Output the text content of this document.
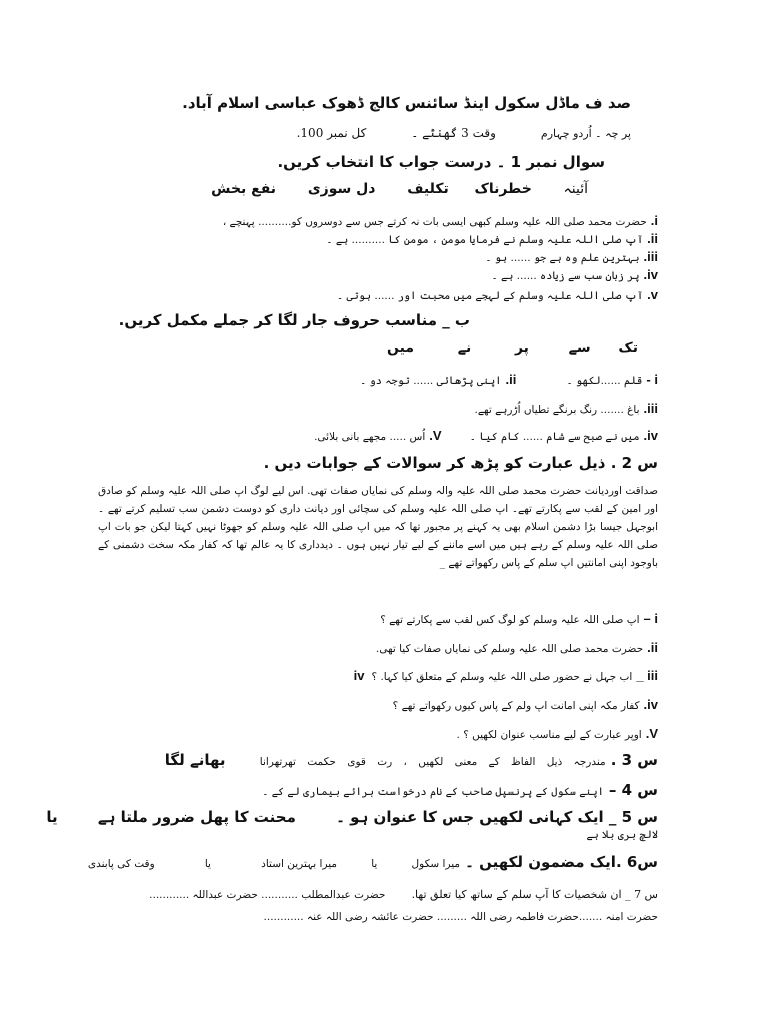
صد ف ماڈل سکول اینڈ سائنس کالج ڈھوک عباسی اسلام آباد.
پر چہ ۔ اُردو چہارم  وقت 3 گھنٹے ۔  کل نمبر 100.
سوال نمبر 1 ۔ درست جواب کا انتخاب کریں.
آئینہ  خطرناک  تکلیف  دل سوزی  نفع بخش
i.حضرت محمد صلی اللہ علیہ وسلم کبھی ایسی بات نہ کرتے جس سے دوسروں کو.......... پہنچے ،
ii.آپ صلی اللہ علیہ وسلم نے فرمایا مومن ، مومن کا .......... ہے ۔
iii.بہترین علم وہ ہے جو ...... ہو ۔
iv.پر زبان سب سے زیادہ ...... ہے ۔
v.آپ صلی اللہ علیہ وسلم کے لہجے میں محبت اور ...... ہوتی ۔
ب _ مناسب حروف جار لگا کر جملے مکمل کریں.
تک  سے  پر  نے  میں
i -قلم ......لکھو ۔  ii.اپنی پڑھائی ...... توجہ دو ۔
iii.باغ ....... رنگ برنگے تطیاں اُڑرہے تھے.
iv.میں نے صبح سے شام ...... کام کیا ۔  V.اُس ..... مجھے بانی بلائی.
س 2 . ذیل عبارت کو پڑھ کر سوالات کے جوابات دیں .
صداقت اوردیانت حضرت محمد صلی اللہ علیہ والہ وسلم کی نمایاں صفات تھی. اس لیے لوگ اپ صلی اللہ علیہ وسلم کو صادق اور امین کے لقب سے پکارتے تھے۔ اپ صلی اللہ علیہ وسلم کی سچائی اور دیانت داری کو دوست دشمن سب تسلیم کرتے تھے ۔ ابوجہل جیسا بڑا دشمن اسلام بھی یہ کہنے پر مجبور تھا کہ میں اپ صلی اللہ علیہ وسلم کو جھوٹا نہیں کہتا لیکن جو بات اپ صلی اللہ علیہ وسلم کے رہے ہیں میں اسے ماننے کے لیے تیار نہیں ہوں ۔ دیدداری کا یہ عالم تھا کہ کفار مکہ سخت دشمنی کے باوجود اپنی امانتیں اپ سلم کے پاس رکھواتے تھے _
i –اپ صلی اللہ علیہ وسلم کو لوگ کس لقب سے پکارتے تھے ؟
ii.حضرت محمد صلی اللہ علیہ وسلم کی نمایاں صفات کیا تھی.
iii _اب جہل نے حضور صلی اللہ علیہ وسلم کے متعلق کیا کہا. ؟ iv
iv.کفار مکہ اپنی امانت اپ ولم کے پاس کیوں رکھواتے تھے ؟
V.اوپر عبارت کے لیے مناسب عنوان لکھیں ؟ .
س 3 . مندرجہ ذیل الفاظ کے معنی لکھیں ، رت قوی حکمت تھرتھرانا  بھانے لگا
س 4 – اپنے سکول کے پرنسپل صاحب کے نام درخواست برائے بیماری لے کے ۔
س 5 _ ایک کہانی لکھیں جس کا عنوان ہو ۔  محنت کا پھل ضرور ملتا ہے  یا
لالچ بری بلا ہے
س6 .ایک مضمون لکھیں ۔ میرا سکول  یا  میرا بہترین استاد  یا  وقت کی پابندی
س 7 _ ان شخصیات کا آپ سلم کے ساتھ کیا تعلق تھا.  حضرت عبدالمطلب ........... حضرت عبداللہ ............
حضرت امنہ .......حضرت فاطمہ رضی اللہ ......... حضرت عائشہ رضی اللہ عنہ ............
